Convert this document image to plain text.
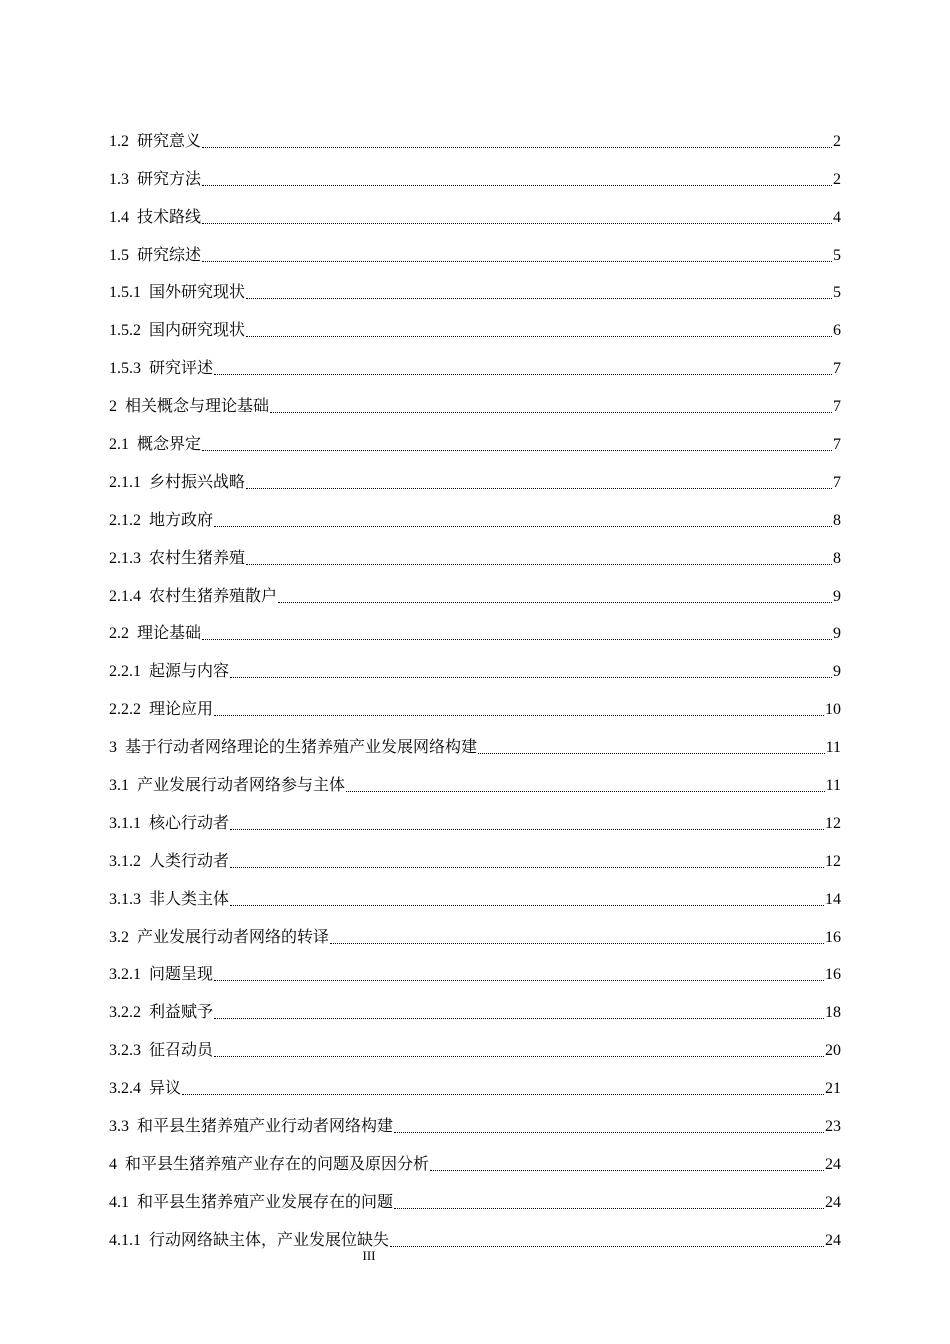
1.2 研究意义	2
1.3 研究方法	2
1.4 技术路线	4
1.5 研究综述	5
1.5.1 国外研究现状	5
1.5.2 国内研究现状	6
1.5.3 研究评述	7
2 相关概念与理论基础	7
2.1 概念界定	7
2.1.1 乡村振兴战略	7
2.1.2 地方政府	8
2.1.3 农村生猪养殖	8
2.1.4 农村生猪养殖散户	9
2.2 理论基础	9
2.2.1 起源与内容	9
2.2.2 理论应用	10
3 基于行动者网络理论的生猪养殖产业发展网络构建	11
3.1 产业发展行动者网络参与主体	11
3.1.1 核心行动者	12
3.1.2 人类行动者	12
3.1.3 非人类主体	14
3.2 产业发展行动者网络的转译	16
3.2.1 问题呈现	16
3.2.2 利益赋予	18
3.2.3 征召动员	20
3.2.4 异议	21
3.3 和平县生猪养殖产业行动者网络构建	23
4 和平县生猪养殖产业存在的问题及原因分析	24
4.1 和平县生猪养殖产业发展存在的问题	24
4.1.1 行动网络缺主体，产业发展位缺失	24
III
